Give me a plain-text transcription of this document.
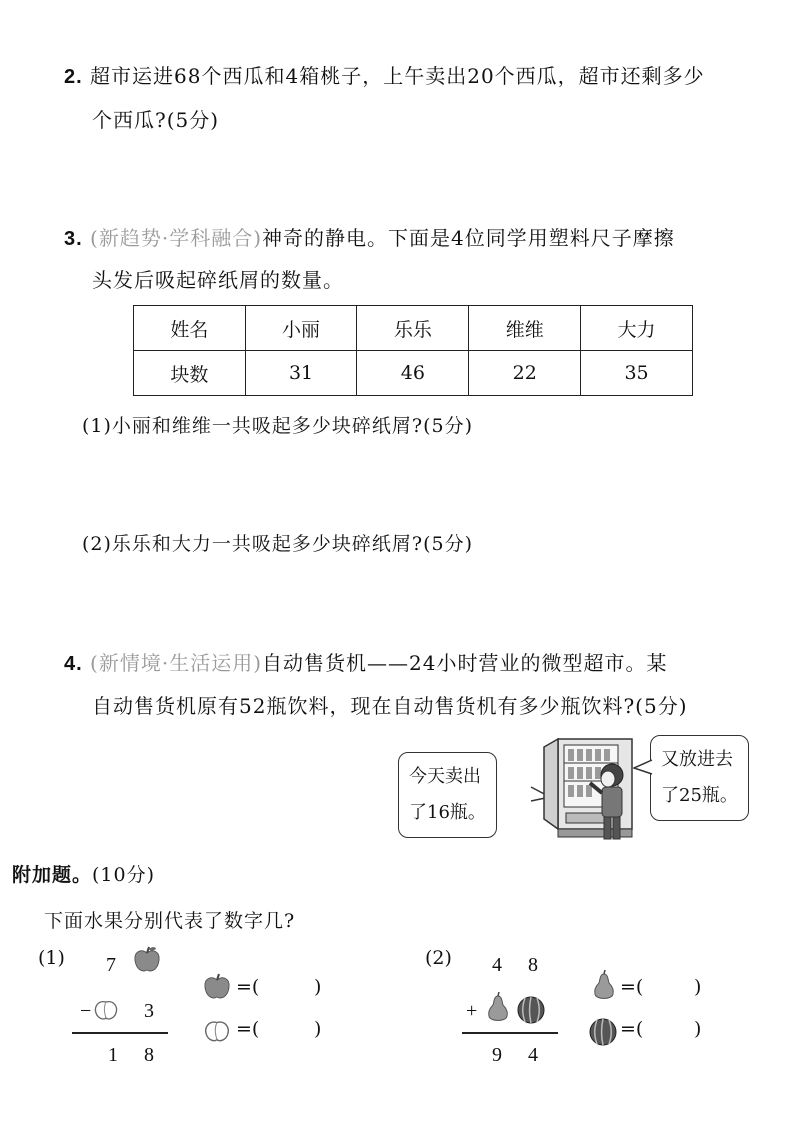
2. 超市运进68个西瓜和4箱桃子，上午卖出20个西瓜，超市还剩多少
个西瓜?(5分)
3. (新趋势·学科融合)神奇的静电。下面是4位同学用塑料尺子摩擦
头发后吸起碎纸屑的数量。
姓名	小丽	乐乐	维维	大力
块数	31	46	22	35
(1)小丽和维维一共吸起多少块碎纸屑?(5分)
(2)乐乐和大力一共吸起多少块碎纸屑?(5分)
4. (新情境·生活运用)自动售货机——24小时营业的微型超市。某
自动售货机原有52瓶饮料，现在自动售货机有多少瓶饮料?(5分)
今天卖出
了16瓶。
又放进去
了25瓶。
附加题。(10分)
下面水果分别代表了数字几?
(1) 7
−	3
1 8
=(	)
=(	)
(2) 4 8
+
9 4
=(	)
=(	)
